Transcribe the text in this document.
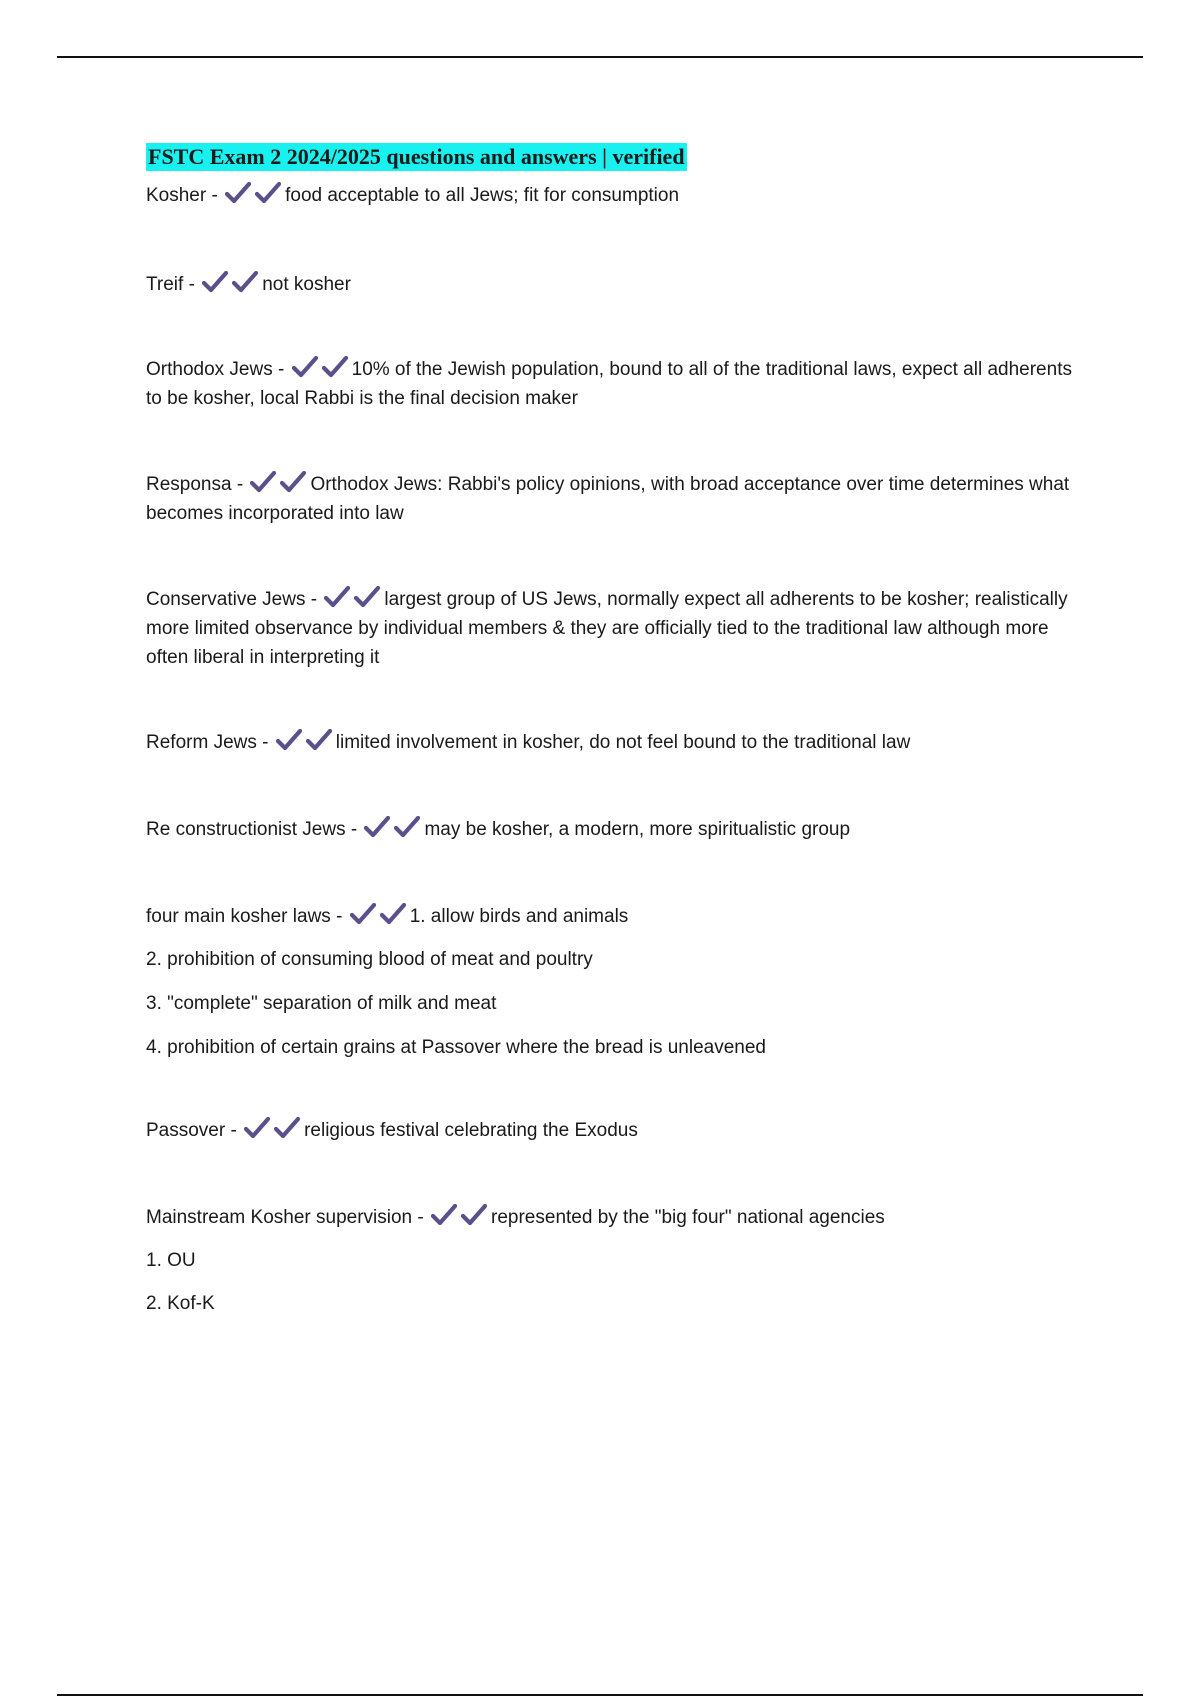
FSTC Exam 2 2024/2025 questions and answers | verified

Kosher -	food acceptable to all Jews; fit for consumption

Treif -	not kosher

Orthodox Jews -	10% of the Jewish population, bound to all of the traditional laws, expect all adherents to be kosher, local Rabbi is the final decision maker

Responsa -	Orthodox Jews: Rabbi's policy opinions, with broad acceptance over time determines what becomes incorporated into law

Conservative Jews -	largest group of US Jews, normally expect all adherents to be kosher; realistically more limited observance by individual members & they are officially tied to the traditional law although more often liberal in interpreting it

Reform Jews -	limited involvement in kosher, do not feel bound to the traditional law

Re constructionist Jews -	may be kosher, a modern, more spiritualistic group

four main kosher laws -	1. allow birds and animals

2. prohibition of consuming blood of meat and poultry

3. "complete" separation of milk and meat

4. prohibition of certain grains at Passover where the bread is unleavened

Passover -	religious festival celebrating the Exodus

Mainstream Kosher supervision -	represented by the "big four" national agencies

1. OU

2. Kof-K
